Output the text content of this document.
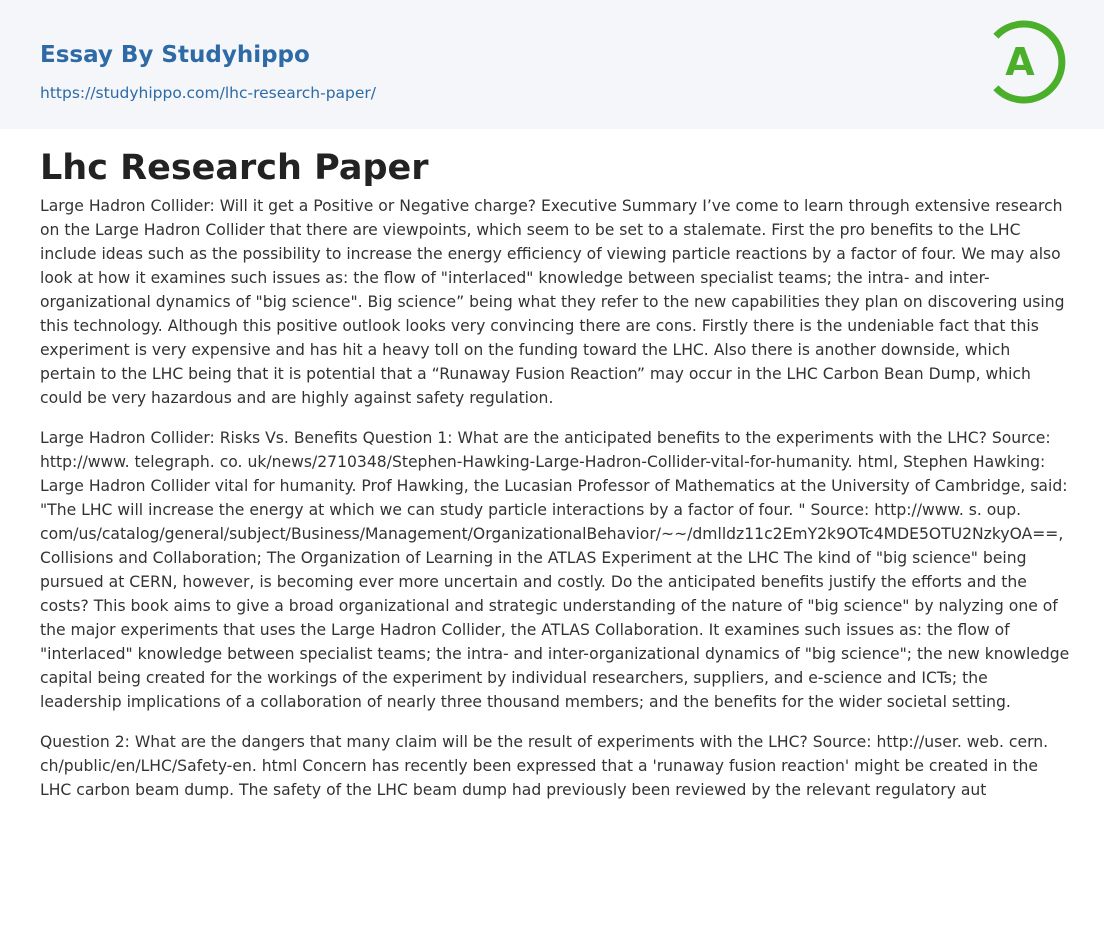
Essay By Studyhippo
https://studyhippo.com/lhc-research-paper/
A
Lhc Research Paper

Large Hadron Collider: Will it get a Positive or Negative charge? Executive Summary I’ve come to learn through extensive research on the Large Hadron Collider that there are viewpoints, which seem to be set to a stalemate. First the pro benefits to the LHC include ideas such as the possibility to increase the energy efficiency of viewing particle reactions by a factor of four. We may also look at how it examines such issues as: the flow of "interlaced" knowledge between specialist teams; the intra- and inter-organizational dynamics of "big science". Big science” being what they refer to the new capabilities they plan on discovering using this technology. Although this positive outlook looks very convincing there are cons. Firstly there is the undeniable fact that this experiment is very expensive and has hit a heavy toll on the funding toward the LHC. Also there is another downside, which pertain to the LHC being that it is potential that a “Runaway Fusion Reaction” may occur in the LHC Carbon Bean Dump, which could be very hazardous and are highly against safety regulation.

Large Hadron Collider: Risks Vs. Benefits Question 1: What are the anticipated benefits to the experiments with the LHC? Source: http://www. telegraph. co. uk/news/2710348/Stephen-Hawking-Large-Hadron-Collider-vital-for-humanity. html, Stephen Hawking: Large Hadron Collider vital for humanity. Prof Hawking, the Lucasian Professor of Mathematics at the University of Cambridge, said: "The LHC will increase the energy at which we can study particle interactions by a factor of four. " Source: http://www. s. oup. com/us/catalog/general/subject/Business/Management/OrganizationalBehavior/~~/dmlldz11c2EmY2k9OTc4MDE5OTU2NzkyOA==, Collisions and Collaboration; The Organization of Learning in the ATLAS Experiment at the LHC The kind of "big science" being pursued at CERN, however, is becoming ever more uncertain and costly. Do the anticipated benefits justify the efforts and the costs? This book aims to give a broad organizational and strategic understanding of the nature of "big science" by nalyzing one of the major experiments that uses the Large Hadron Collider, the ATLAS Collaboration. It examines such issues as: the flow of "interlaced" knowledge between specialist teams; the intra- and inter-organizational dynamics of "big science"; the new knowledge capital being created for the workings of the experiment by individual researchers, suppliers, and e-science and ICTs; the leadership implications of a collaboration of nearly three thousand members; and the benefits for the wider societal setting.

Question 2: What are the dangers that many claim will be the result of experiments with the LHC? Source: http://user. web. cern. ch/public/en/LHC/Safety-en. html Concern has recently been expressed that a 'runaway fusion reaction' might be created in the LHC carbon beam dump. The safety of the LHC beam dump had previously been reviewed by the relevant regulatory aut
